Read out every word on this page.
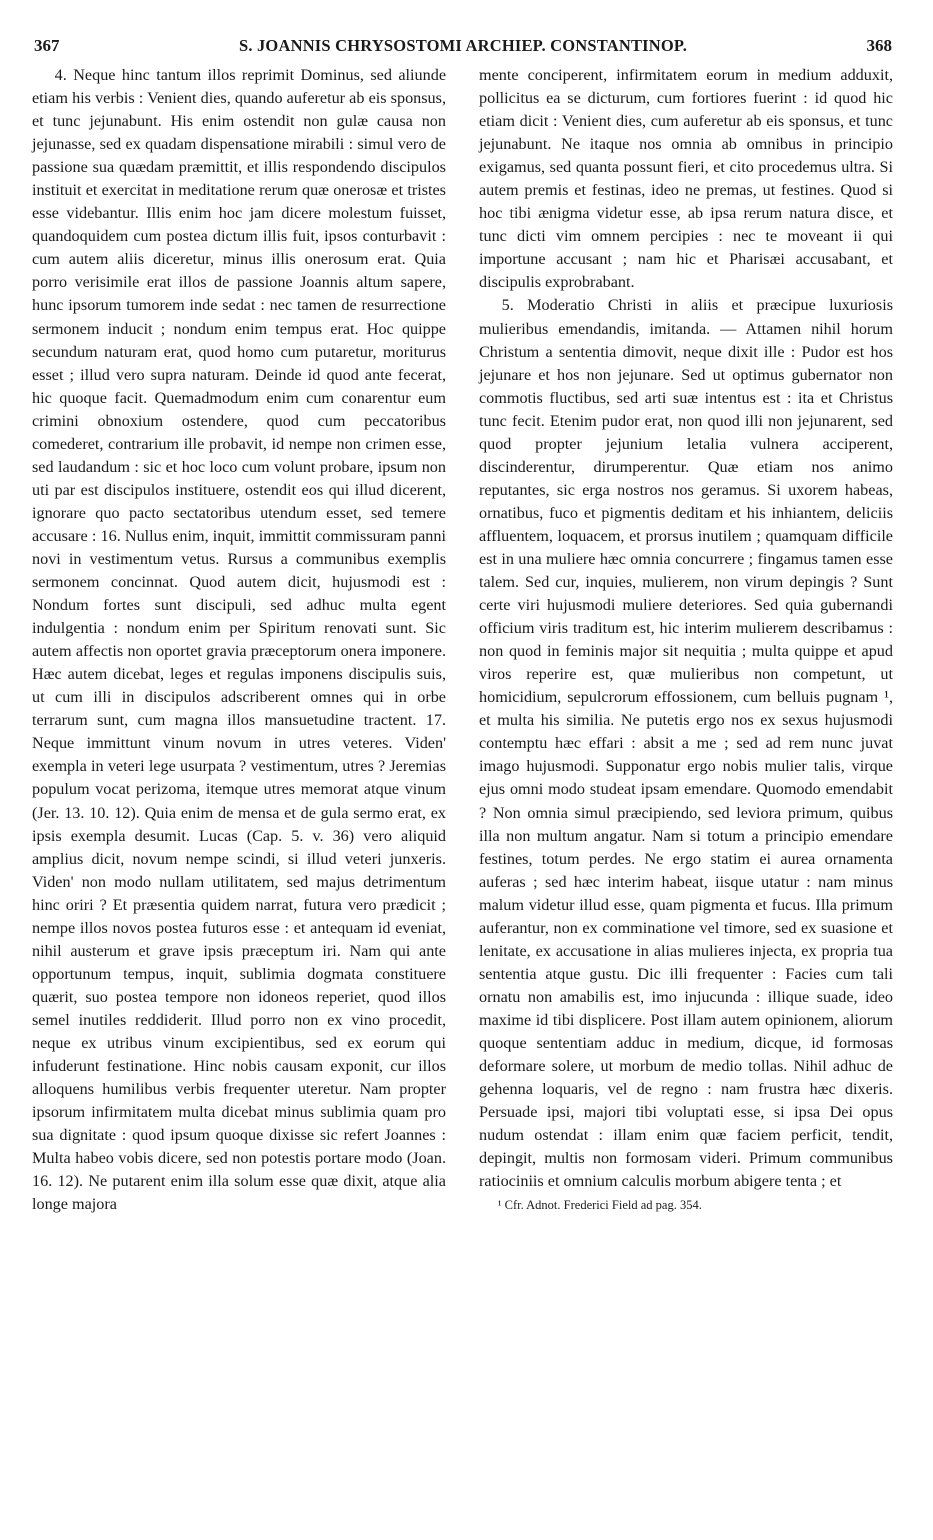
367	S. JOANNIS CHRYSOSTOMI ARCHIEP. CONSTANTINOP.	368

4. Neque hinc tantum illos reprimit Dominus, sed aliunde etiam his verbis : Venient dies, quando auferetur ab eis sponsus, et tunc jejunabunt. His enim ostendit non gulæ causa non jejunasse, sed ex quadam dispensatione mirabili : simul vero de passione sua quædam præmittit, et illis respondendo discipulos instituit et exercitat in meditatione rerum quæ onerosæ et tristes esse videbantur. Illis enim hoc jam dicere molestum fuisset, quandoquidem cum postea dictum illis fuit, ipsos conturbavit : cum autem aliis diceretur, minus illis onerosum erat. Quia porro verisimile erat illos de passione Joannis altum sapere, hunc ipsorum tumorem inde sedat : nec tamen de resurrectione sermonem inducit ; nondum enim tempus erat. Hoc quippe secundum naturam erat, quod homo cum putaretur, moriturus esset ; illud vero supra naturam. Deinde id quod ante fecerat, hic quoque facit. Quemadmodum enim cum conarentur eum crimini obnoxium ostendere, quod cum peccatoribus comederet, contrarium ille probavit, id nempe non crimen esse, sed laudandum : sic et hoc loco cum volunt probare, ipsum non uti par est discipulos instituere, ostendit eos qui illud dicerent, ignorare quo pacto sectatoribus utendum esset, sed temere accusare : 16. Nullus enim, inquit, immittit commissuram panni novi in vestimentum vetus. Rursus a communibus exemplis sermonem concinnat. Quod autem dicit, hujusmodi est : Nondum fortes sunt discipuli, sed adhuc multa egent indulgentia : nondum enim per Spiritum renovati sunt. Sic autem affectis non oportet gravia præceptorum onera imponere. Hæc autem dicebat, leges et regulas imponens discipulis suis, ut cum illi in discipulos adscriberent omnes qui in orbe terrarum sunt, cum magna illos mansuetudine tractent. 17. Neque immittunt vinum novum in utres veteres. Viden' exempla in veteri lege usurpata ? vestimentum, utres ? Jeremias populum vocat perizoma, itemque utres memorat atque vinum (Jer. 13. 10. 12). Quia enim de mensa et de gula sermo erat, ex ipsis exempla desumit. Lucas (Cap. 5. v. 36) vero aliquid amplius dicit, novum nempe scindi, si illud veteri junxeris. Viden' non modo nullam utilitatem, sed majus detrimentum hinc oriri ? Et præsentia quidem narrat, futura vero prædicit ; nempe illos novos postea futuros esse : et antequam id eveniat, nihil austerum et grave ipsis præceptum iri. Nam qui ante opportunum tempus, inquit, sublimia dogmata constituere quærit, suo postea tempore non idoneos reperiet, quod illos semel inutiles reddiderit. Illud porro non ex vino procedit, neque ex utribus vinum excipientibus, sed ex eorum qui infuderunt festinatione. Hinc nobis causam exponit, cur illos alloquens humilibus verbis frequenter uteretur. Nam propter ipsorum infirmitatem multa dicebat minus sublimia quam pro sua dignitate : quod ipsum quoque dixisse sic refert Joannes : Multa habeo vobis dicere, sed non potestis portare modo (Joan. 16. 12). Ne putarent enim illa solum esse quæ dixit, atque alia longe majora

mente conciperent, infirmitatem eorum in medium adduxit, pollicitus ea se dicturum, cum fortiores fuerint : id quod hic etiam dicit : Venient dies, cum auferetur ab eis sponsus, et tunc jejunabunt. Ne itaque nos omnia ab omnibus in principio exigamus, sed quanta possunt fieri, et cito procedemus ultra. Si autem premis et festinas, ideo ne premas, ut festines. Quod si hoc tibi ænigma videtur esse, ab ipsa rerum natura disce, et tunc dicti vim omnem percipies : nec te moveant ii qui importune accusant ; nam hic et Pharisæi accusabant, et discipulis exprobrabant.

5. Moderatio Christi in aliis et præcipue luxuriosis mulieribus emendandis, imitanda. — Attamen nihil horum Christum a sententia dimovit, neque dixit ille : Pudor est hos jejunare et hos non jejunare. Sed ut optimus gubernator non commotis fluctibus, sed arti suæ intentus est : ita et Christus tunc fecit. Etenim pudor erat, non quod illi non jejunarent, sed quod propter jejunium letalia vulnera acciperent, discinderentur, dirumperentur. Quæ etiam nos animo reputantes, sic erga nostros nos geramus. Si uxorem habeas, ornatibus, fuco et pigmentis deditam et his inhiantem, deliciis affluentem, loquacem, et prorsus inutilem ; quamquam difficile est in una muliere hæc omnia concurrere ; fingamus tamen esse talem. Sed cur, inquies, mulierem, non virum depingis ? Sunt certe viri hujusmodi muliere deteriores. Sed quia gubernandi officium viris traditum est, hic interim mulierem describamus : non quod in feminis major sit nequitia ; multa quippe et apud viros reperire est, quæ mulieribus non competunt, ut homicidium, sepulcrorum effossionem, cum belluis pugnam ¹, et multa his similia. Ne putetis ergo nos ex sexus hujusmodi contemptu hæc effari : absit a me ; sed ad rem nunc juvat imago hujusmodi. Supponatur ergo nobis mulier talis, virque ejus omni modo studeat ipsam emendare. Quomodo emendabit ? Non omnia simul præcipiendo, sed leviora primum, quibus illa non multum angatur. Nam si totum a principio emendare festines, totum perdes. Ne ergo statim ei aurea ornamenta auferas ; sed hæc interim habeat, iisque utatur : nam minus malum videtur illud esse, quam pigmenta et fucus. Illa primum auferantur, non ex comminatione vel timore, sed ex suasione et lenitate, ex accusatione in alias mulieres injecta, ex propria tua sententia atque gustu. Dic illi frequenter : Facies cum tali ornatu non amabilis est, imo injucunda : illique suade, ideo maxime id tibi displicere. Post illam autem opinionem, aliorum quoque sententiam adduc in medium, dicque, id formosas deformare solere, ut morbum de medio tollas. Nihil adhuc de gehenna loquaris, vel de regno : nam frustra hæc dixeris. Persuade ipsi, majori tibi voluptati esse, si ipsa Dei opus nudum ostendat : illam enim quæ faciem perficit, tendit, depingit, multis non formosam videri. Primum communibus ratiociniis et omnium calculis morbum abigere tenta ; et

¹ Cfr. Adnot. Frederici Field ad pag. 354.
